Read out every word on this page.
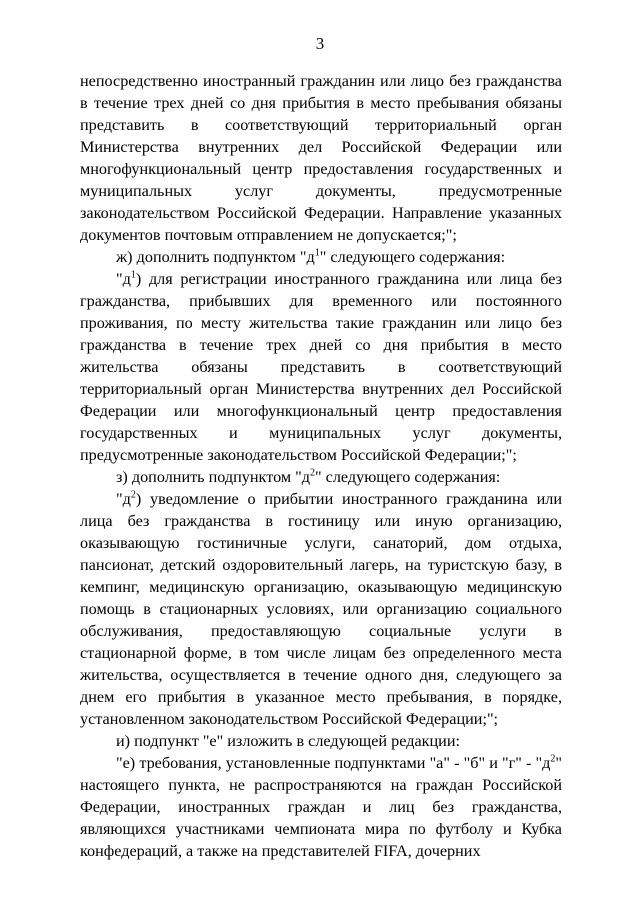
3

непосредственно иностранный гражданин или лицо без гражданства в течение трех дней со дня прибытия в место пребывания обязаны представить в соответствующий территориальный орган Министерства внутренних дел Российской Федерации или многофункциональный центр предоставления государственных и муниципальных услуг документы, предусмотренные законодательством Российской Федерации. Направление указанных документов почтовым отправлением не допускается;";

ж) дополнить подпунктом "$д^1$" следующего содержания:

"$д^1$) для регистрации иностранного гражданина или лица без гражданства, прибывших для временного или постоянного проживания, по месту жительства такие гражданин или лицо без гражданства в течение трех дней со дня прибытия в место жительства обязаны представить в соответствующий территориальный орган Министерства внутренних дел Российской Федерации или многофункциональный центр предоставления государственных и муниципальных услуг документы, предусмотренные законодательством Российской Федерации;";

з) дополнить подпунктом "$д^2$" следующего содержания:

"$д^2$) уведомление о прибытии иностранного гражданина или лица без гражданства в гостиницу или иную организацию, оказывающую гостиничные услуги, санаторий, дом отдыха, пансионат, детский оздоровительный лагерь, на туристскую базу, в кемпинг, медицинскую организацию, оказывающую медицинскую помощь в стационарных условиях, или организацию социального обслуживания, предоставляющую социальные услуги в стационарной форме, в том числе лицам без определенного места жительства, осуществляется в течение одного дня, следующего за днем его прибытия в указанное место пребывания, в порядке, установленном законодательством Российской Федерации;";

и) подпункт "е" изложить в следующей редакции:

"е) требования, установленные подпунктами "а" - "б" и "г" - "$д^2$" настоящего пункта, не распространяются на граждан Российской Федерации, иностранных граждан и лиц без гражданства, являющихся участниками чемпионата мира по футболу и Кубка конфедераций, а также на представителей FIFA, дочерних
